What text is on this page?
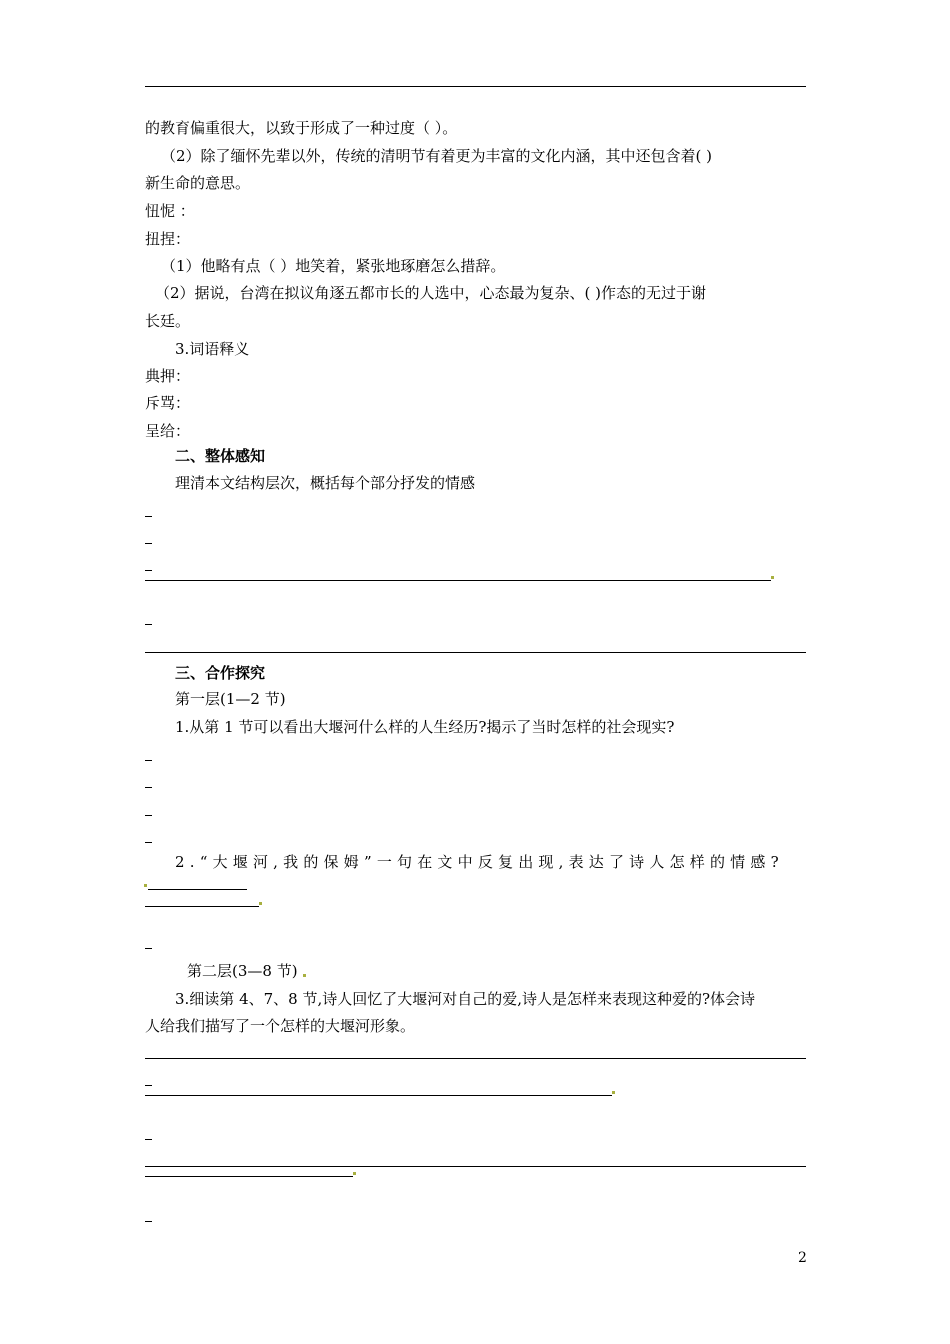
的教育偏重很大，以致于形成了一种过度（ ）。
（2）除了缅怀先辈以外，传统的清明节有着更为丰富的文化内涵，其中还包含着( )
新生命的意思。
忸怩 ：
扭捏：
（1）他略有点（ ）地笑着，紧张地琢磨怎么措辞。
（2）据说，台湾在拟议角逐五都市长的人选中，心态最为复杂、( )作态的无过于谢
长廷。
3.词语释义
典押：
斥骂：
呈给：
二、整体感知
理清本文结构层次，概括每个部分抒发的情感
三、合作探究
第一层(1—2 节)
1.从第 1 节可以看出大堰河什么样的人生经历?揭示了当时怎样的社会现实?
2.“大堰河,我的保姆”一句在文中反复出现,表达了诗人怎样的情感?
第二层(3—8 节)
3.细读第 4、7、8 节,诗人回忆了大堰河对自己的爱,诗人是怎样来表现这种爱的?体会诗
人给我们描写了一个怎样的大堰河形象。
2
